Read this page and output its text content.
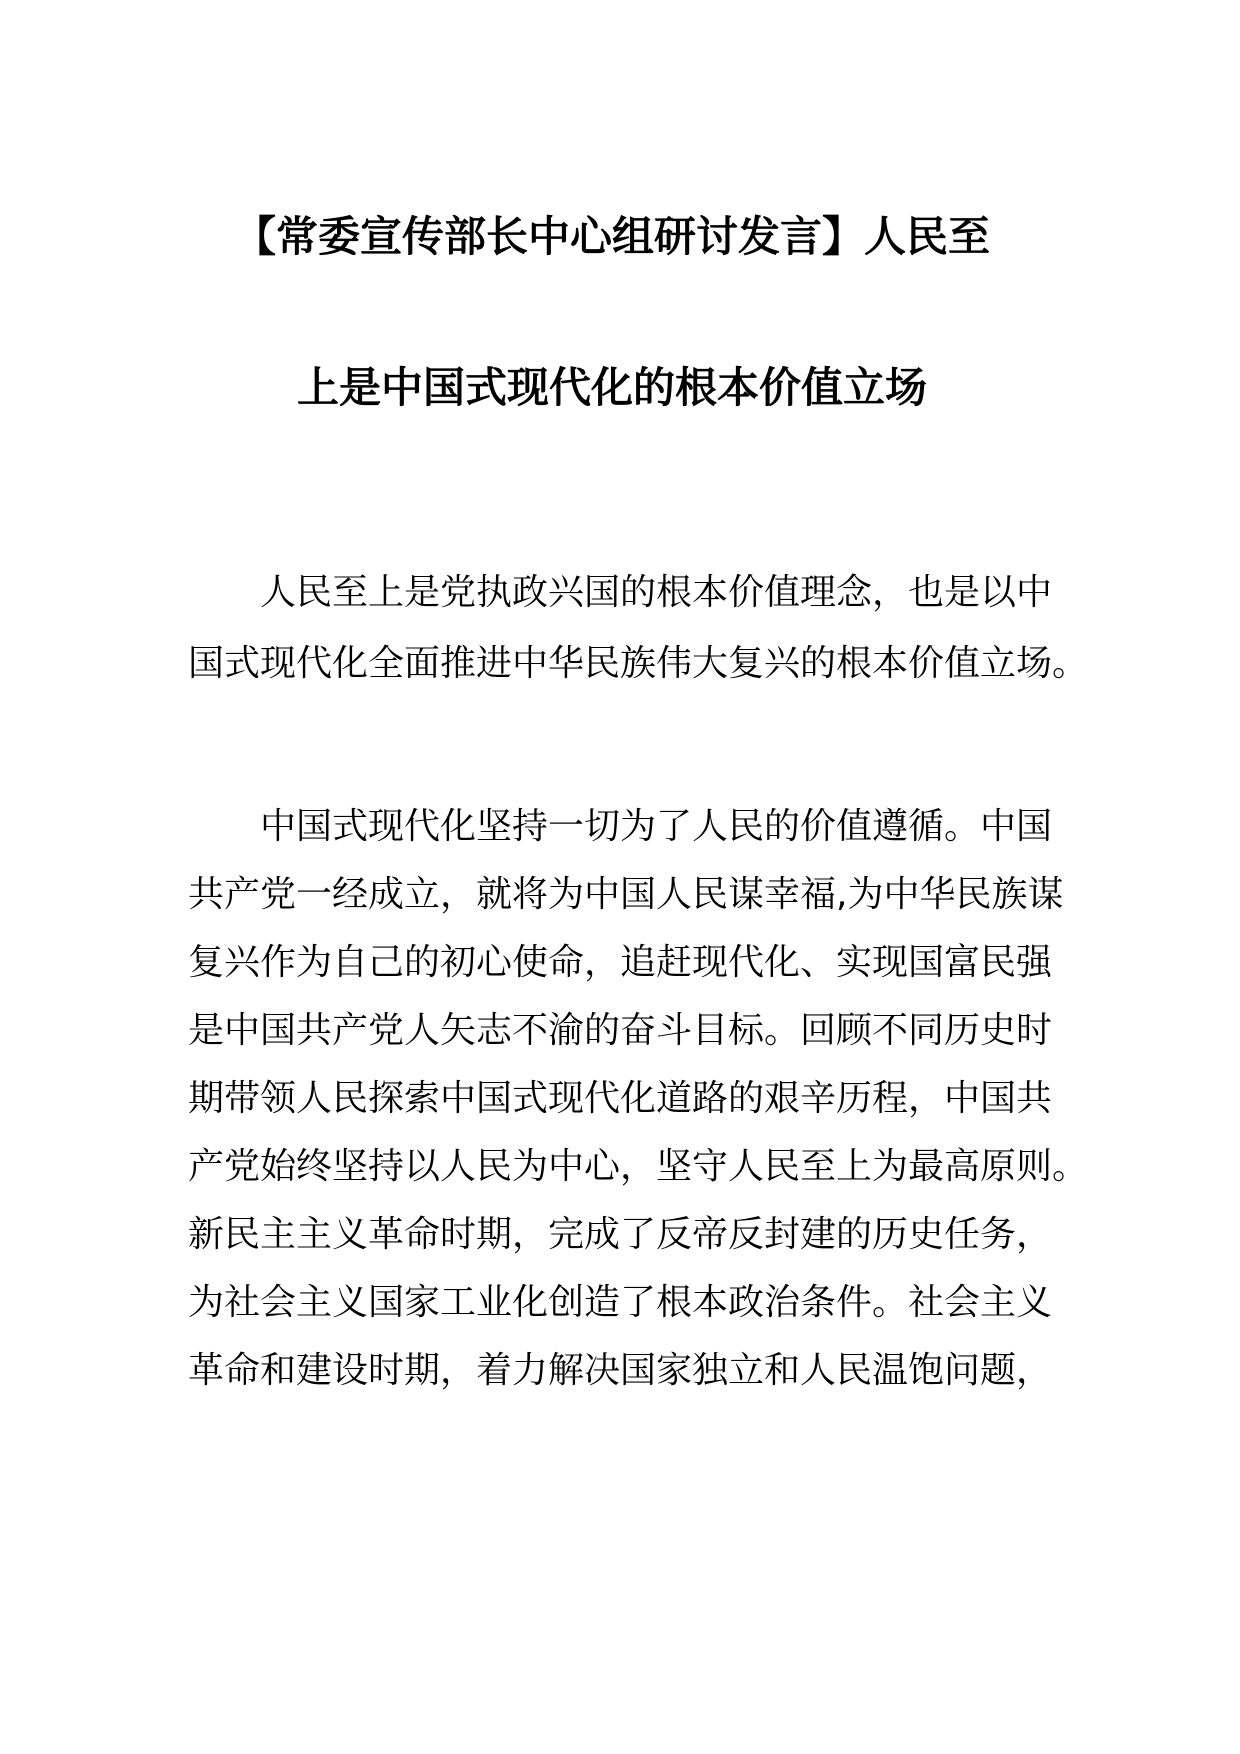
【常委宣传部长中心组研讨发言】人民至
上是中国式现代化的根本价值立场
人民至上是党执政兴国的根本价值理念，也是以中
国式现代化全面推进中华民族伟大复兴的根本价值立场。
中国式现代化坚持一切为了人民的价值遵循。中国
共产党一经成立，就将为中国人民谋幸福,为中华民族谋
复兴作为自己的初心使命，追赶现代化、实现国富民强
是中国共产党人矢志不渝的奋斗目标。回顾不同历史时
期带领人民探索中国式现代化道路的艰辛历程，中国共
产党始终坚持以人民为中心，坚守人民至上为最高原则。
新民主主义革命时期，完成了反帝反封建的历史任务，
为社会主义国家工业化创造了根本政治条件。社会主义
革命和建设时期，着力解决国家独立和人民温饱问题，
